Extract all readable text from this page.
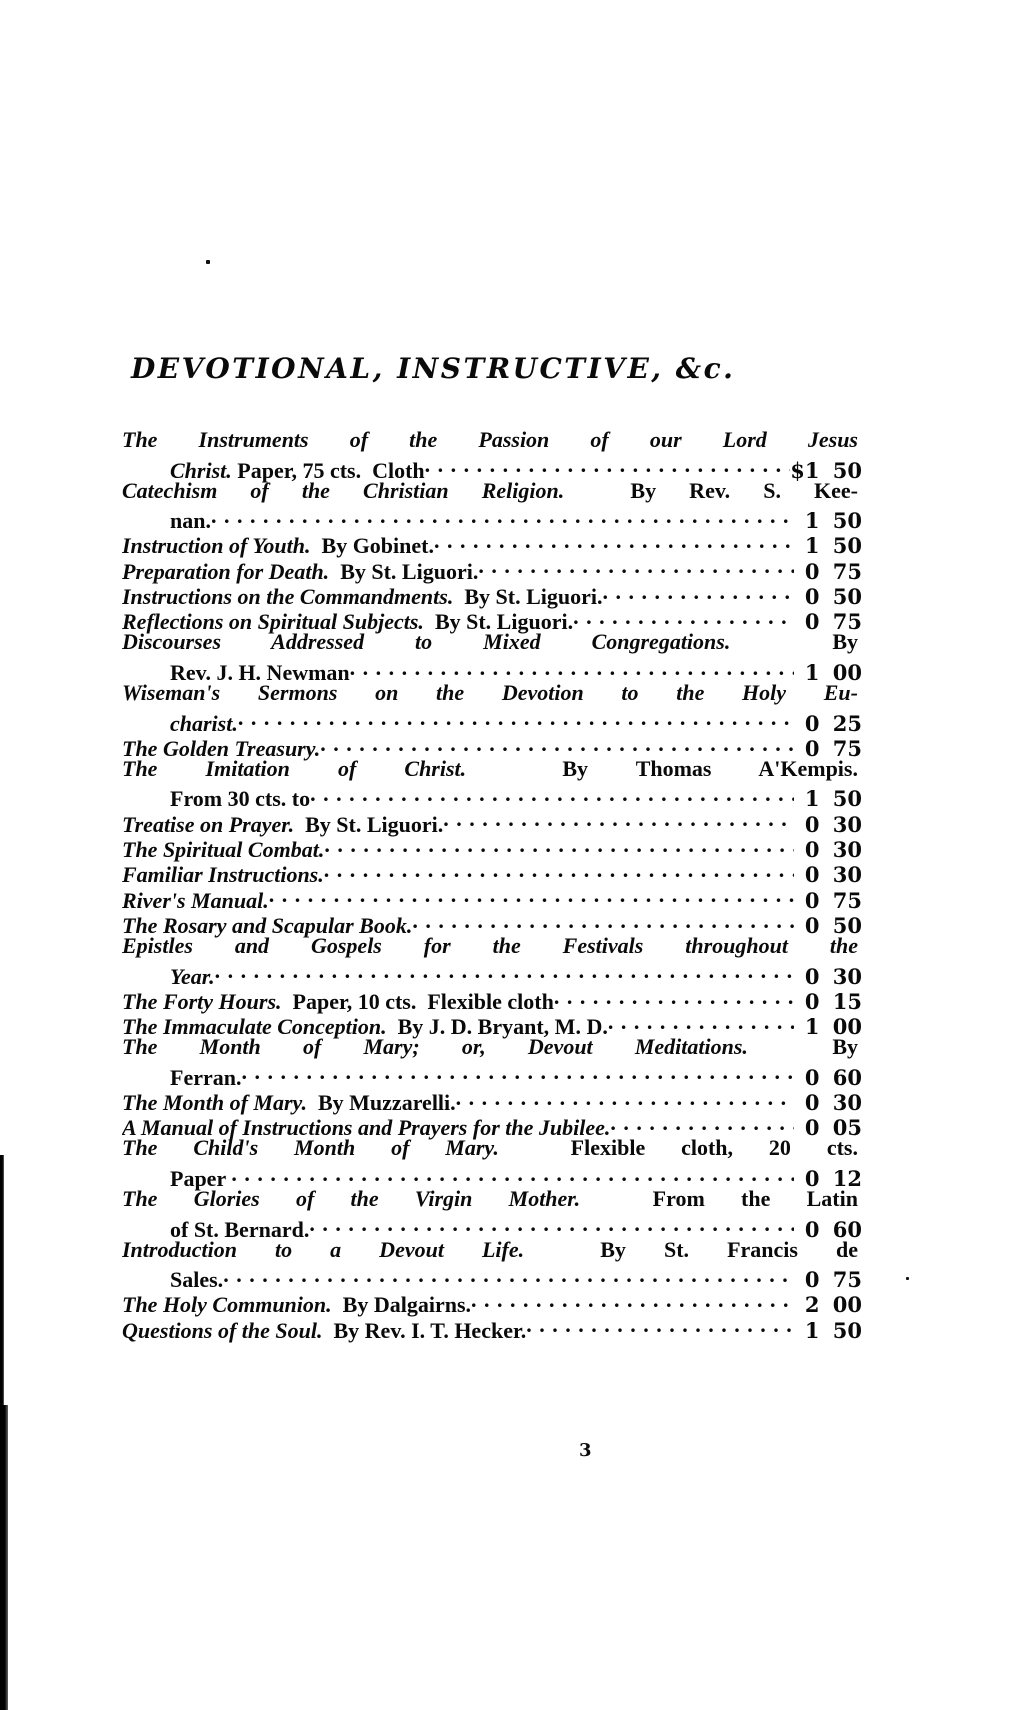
DEVOTIONAL, INSTRUCTIVE, &c.
The Instruments of the Passion of our Lord Jesus
Christ. Paper, 75 cts.  Cloth . . .	$1 50
Catechism of the Christian Religion.  By Rev. S. Kee-
nan. . . .	1 50
Instruction of Youth.  By Gobinet. . . .	1 50
Preparation for Death.  By St. Liguori. . . .	0 75
Instructions on the Commandments.  By St. Liguori. . . .	0 50
Reflections on Spiritual Subjects.  By St. Liguori. . . .	0 75
Discourses Addressed to Mixed Congregations.  By
Rev. J. H. Newman . . .	1 00
Wiseman's Sermons on the Devotion to the Holy Eu-
charist. . . .	0 25
The Golden Treasury. . . .	0 75
The Imitation of Christ.  By Thomas A'Kempis.
From 30 cts. to . . .	1 50
Treatise on Prayer.  By St. Liguori. . . .	0 30
The Spiritual Combat. . . .	0 30
Familiar Instructions. . . .	0 30
River's Manual. . . .	0 75
The Rosary and Scapular Book. . . .	0 50
Epistles and Gospels for the Festivals throughout the
Year. . . .	0 30
The Forty Hours.  Paper, 10 cts.  Flexible cloth . . .	0 15
The Immaculate Conception.  By J. D. Bryant, M. D. . . .	1 00
The Month of Mary; or, Devout Meditations.  By
Ferran. . . .	0 60
The Month of Mary.  By Muzzarelli. . . .	0 30
A Manual of Instructions and Prayers for the Jubilee. . . .	0 05
The Child's Month of Mary.  Flexible cloth, 20 cts.
Paper . . .	0 12
The Glories of the Virgin Mother.  From the Latin
of St. Bernard. . . .	0 60
Introduction to a Devout Life.  By St. Francis de
Sales. . . .	0 75
The Holy Communion.  By Dalgairns. . . .	2 00
Questions of the Soul.  By Rev. I. T. Hecker. . . .	1 50
3
